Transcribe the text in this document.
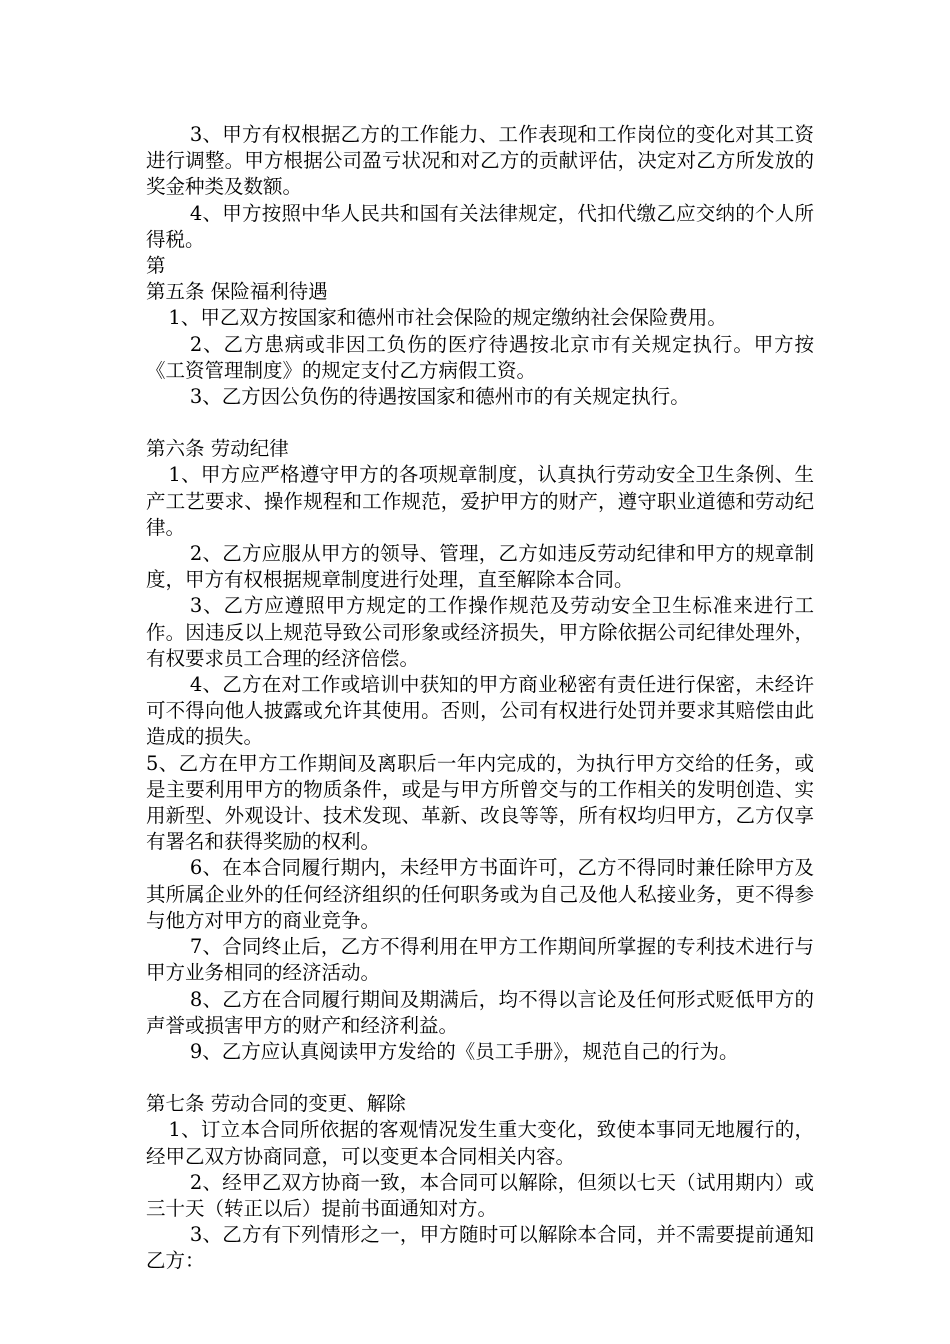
3、甲方有权根据乙方的工作能力、工作表现和工作岗位的变化对其工资进行调整。甲方根据公司盈亏状况和对乙方的贡献评估，决定对乙方所发放的奖金种类及数额。

4、甲方按照中华人民共和国有关法律规定，代扣代缴乙应交纳的个人所得税。

第

第五条 保险福利待遇

1、甲乙双方按国家和德州市社会保险的规定缴纳社会保险费用。

2、乙方患病或非因工负伤的医疗待遇按北京市有关规定执行。甲方按《工资管理制度》的规定支付乙方病假工资。

3、乙方因公负伤的待遇按国家和德州市的有关规定执行。

第六条 劳动纪律

1、甲方应严格遵守甲方的各项规章制度，认真执行劳动安全卫生条例、生产工艺要求、操作规程和工作规范，爱护甲方的财产，遵守职业道德和劳动纪律。

2、乙方应服从甲方的领导、管理，乙方如违反劳动纪律和甲方的规章制度，甲方有权根据规章制度进行处理，直至解除本合同。

3、乙方应遵照甲方规定的工作操作规范及劳动安全卫生标准来进行工作。因违反以上规范导致公司形象或经济损失，甲方除依据公司纪律处理外，有权要求员工合理的经济倍偿。

4、乙方在对工作或培训中获知的甲方商业秘密有责任进行保密，未经许可不得向他人披露或允许其使用。否则，公司有权进行处罚并要求其赔偿由此造成的损失。

5、乙方在甲方工作期间及离职后一年内完成的，为执行甲方交给的任务，或是主要利用甲方的物质条件，或是与甲方所曾交与的工作相关的发明创造、实用新型、外观设计、技术发现、革新、改良等等，所有权均归甲方，乙方仅享有署名和获得奖励的权利。

6、在本合同履行期内，未经甲方书面许可，乙方不得同时兼任除甲方及其所属企业外的任何经济组织的任何职务或为自己及他人私接业务，更不得参与他方对甲方的商业竞争。

7、合同终止后，乙方不得利用在甲方工作期间所掌握的专利技术进行与甲方业务相同的经济活动。

8、乙方在合同履行期间及期满后，均不得以言论及任何形式贬低甲方的声誉或损害甲方的财产和经济利益。

9、乙方应认真阅读甲方发给的《员工手册》，规范自己的行为。

第七条 劳动合同的变更、解除

1、订立本合同所依据的客观情况发生重大变化，致使本事同无地履行的，经甲乙双方协商同意，可以变更本合同相关内容。

2、经甲乙双方协商一致，本合同可以解除，但须以七天（试用期内）或三十天（转正以后）提前书面通知对方。

3、乙方有下列情形之一，甲方随时可以解除本合同，并不需要提前通知乙方：
